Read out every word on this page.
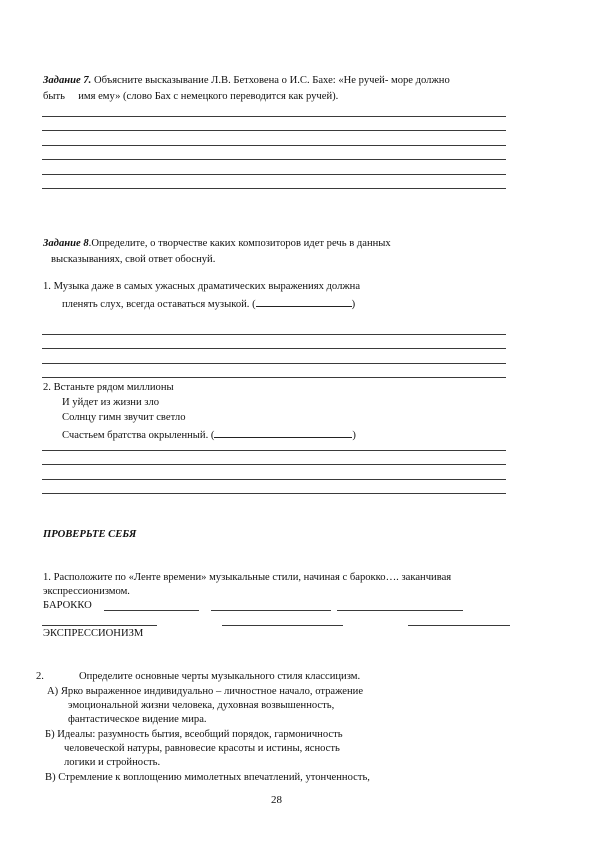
Задание 7. Объясните высказывание Л.В. Бетховена о И.С. Бахе: «Не ручей- море должно
быть     имя ему» (слово Бах с немецкого переводится как ручей).
Задание 8.Определите, о творчестве каких композиторов идет речь в данных
высказываниях, свой ответ обоснуй.
1. Музыка даже в самых ужасных драматических выражениях должна
пленять слух, всегда оставаться музыкой. (	)
2. Встаньте рядом миллионы
И уйдет из жизни зло
Солнцу гимн звучит светло
Счастьем братства окрыленный. (	)
ПРОВЕРЬТЕ СЕБЯ
1. Расположите по «Ленте времени» музыкальные стили, начиная с барокко…. заканчивая
экспрессионизмом.
БАРОККО
ЭКСПРЕССИОНИЗМ
2.	Определите основные черты музыкального стиля классицизм.
А) Ярко выраженное индивидуально – личностное начало, отражение
эмоциональной жизни человека, духовная возвышенность,
фантастическое видение мира.
Б) Идеалы: разумность бытия, всеобщий порядок, гармоничность
человеческой натуры, равновесие красоты и истины, ясность
логики и стройность.
В) Стремление к воплощению мимолетных впечатлений, утонченность,
28
